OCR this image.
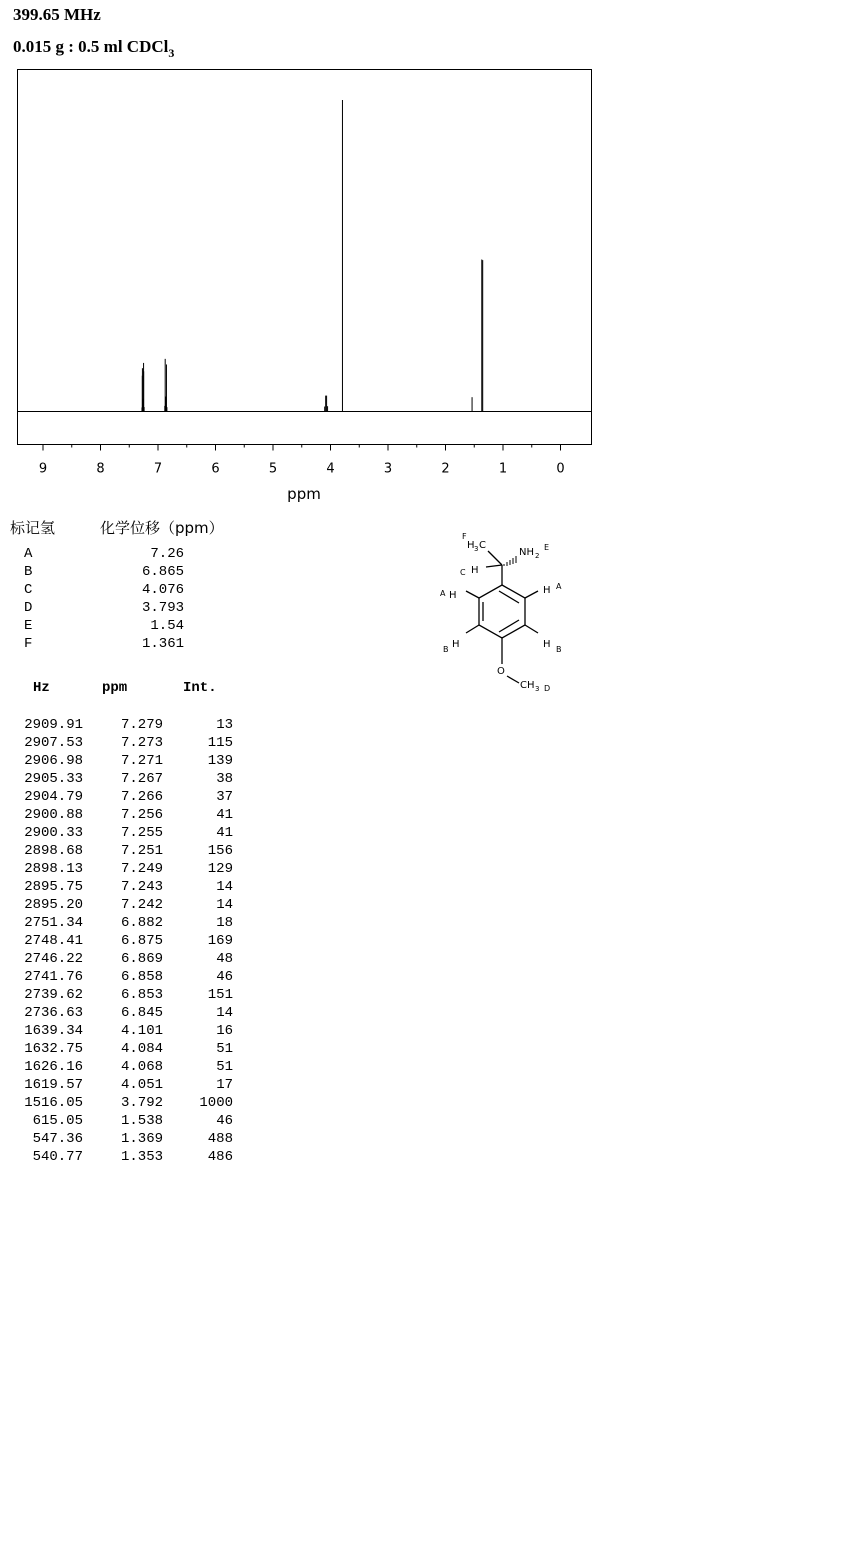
399.65 MHz
0.015 g : 0.5 ml CDCl$_3$
9	8	7	6	5	4	3	2	1	0
ppm
标记氢	化学位移（ppm）
A	7.26
B	6.865
C	4.076
D	3.793
E	1.54
F	1.361
Hz	ppm	Int.
2909.91	7.279	13
2907.53	7.273	115
2906.98	7.271	139
2905.33	7.267	38
2904.79	7.266	37
2900.88	7.256	41
2900.33	7.255	41
2898.68	7.251	156
2898.13	7.249	129
2895.75	7.243	14
2895.20	7.242	14
2751.34	6.882	18
2748.41	6.875	169
2746.22	6.869	48
2741.76	6.858	46
2739.62	6.853	151
2736.63	6.845	14
1639.34	4.101	16
1632.75	4.084	51
1626.16	4.068	51
1619.57	4.051	17
1516.05	3.792	1000
615.05	1.538	46
547.36	1.369	488
540.77	1.353	486
F
H 3 C
NH 2
E
C H
A H	H A
B H	H B
O
CH 3 D
